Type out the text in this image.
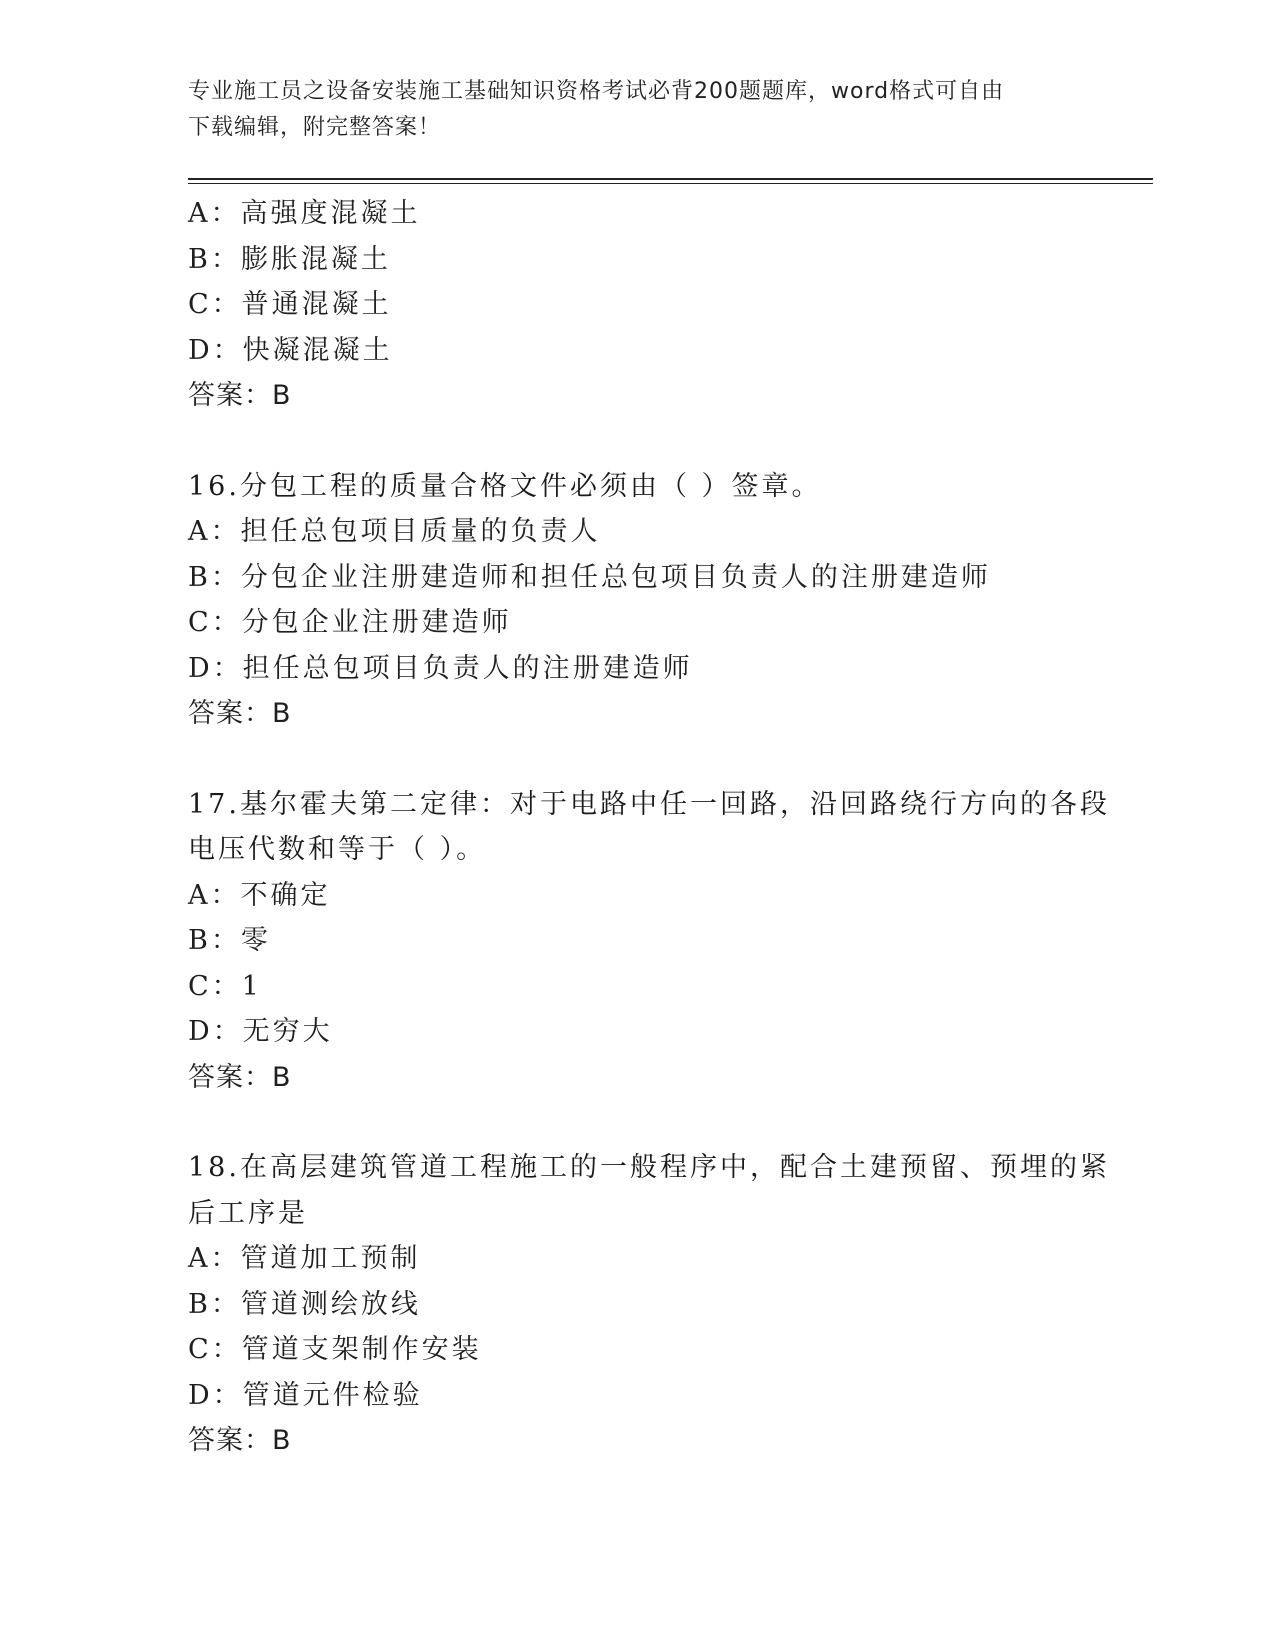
专业施工员之设备安装施工基础知识资格考试必背200题题库，word格式可自由
下载编辑，附完整答案！
A：高强度混凝土
B：膨胀混凝土
C：普通混凝土
D：快凝混凝土
答案：B
16.分包工程的质量合格文件必须由（ ）签章。
A：担任总包项目质量的负责人
B：分包企业注册建造师和担任总包项目负责人的注册建造师
C：分包企业注册建造师
D：担任总包项目负责人的注册建造师
答案：B
17.基尔霍夫第二定律：对于电路中任一回路，沿回路绕行方向的各段
电压代数和等于（ ）。
A：不确定
B：零
C：1
D：无穷大
答案：B
18.在高层建筑管道工程施工的一般程序中，配合土建预留、预埋的紧
后工序是
A：管道加工预制
B：管道测绘放线
C：管道支架制作安装
D：管道元件检验
答案：B
